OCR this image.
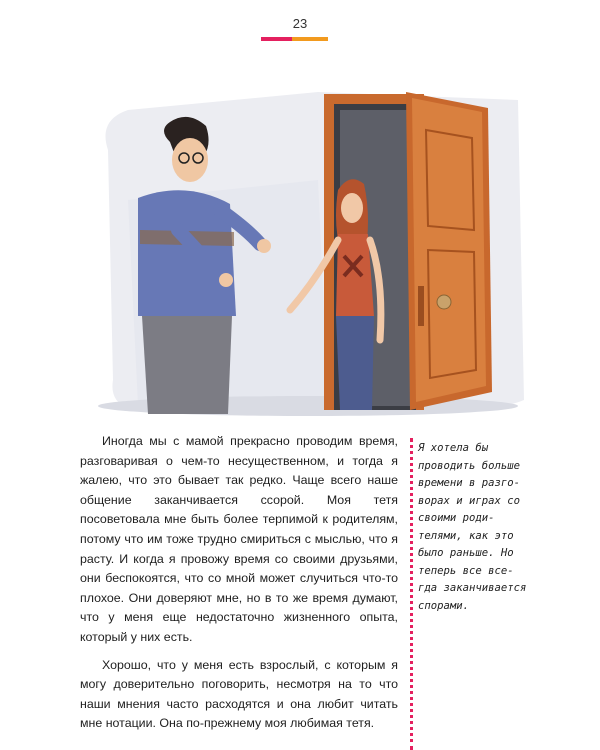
23

Иногда мы с мамой прекрасно проводим время, разговаривая о чем-то несущественном, и тогда я жалею, что это бывает так редко. Чаще всего наше общение заканчивается ссорой. Моя тетя посоветовала мне быть более терпимой к родителям, потому что им тоже трудно смириться с мыслью, что я расту. И когда я провожу время со своими друзьями, они беспокоятся, что со мной может случиться что-то плохое. Они доверяют мне, но в то же время думают, что у меня еще недостаточно жизненного опыта, который у них есть.

Хорошо, что у меня есть взрослый, с которым я могу доверительно поговорить, несмотря на то что наши мнения часто расходятся и она любит читать мне нотации. Она по-прежнему моя любимая тетя.

Я хотела бы
проводить больше
времени в разго-
ворах и играх со
своими роди-
телями, как это
было раньше. Но
теперь все все-
гда заканчивается
спорами.
